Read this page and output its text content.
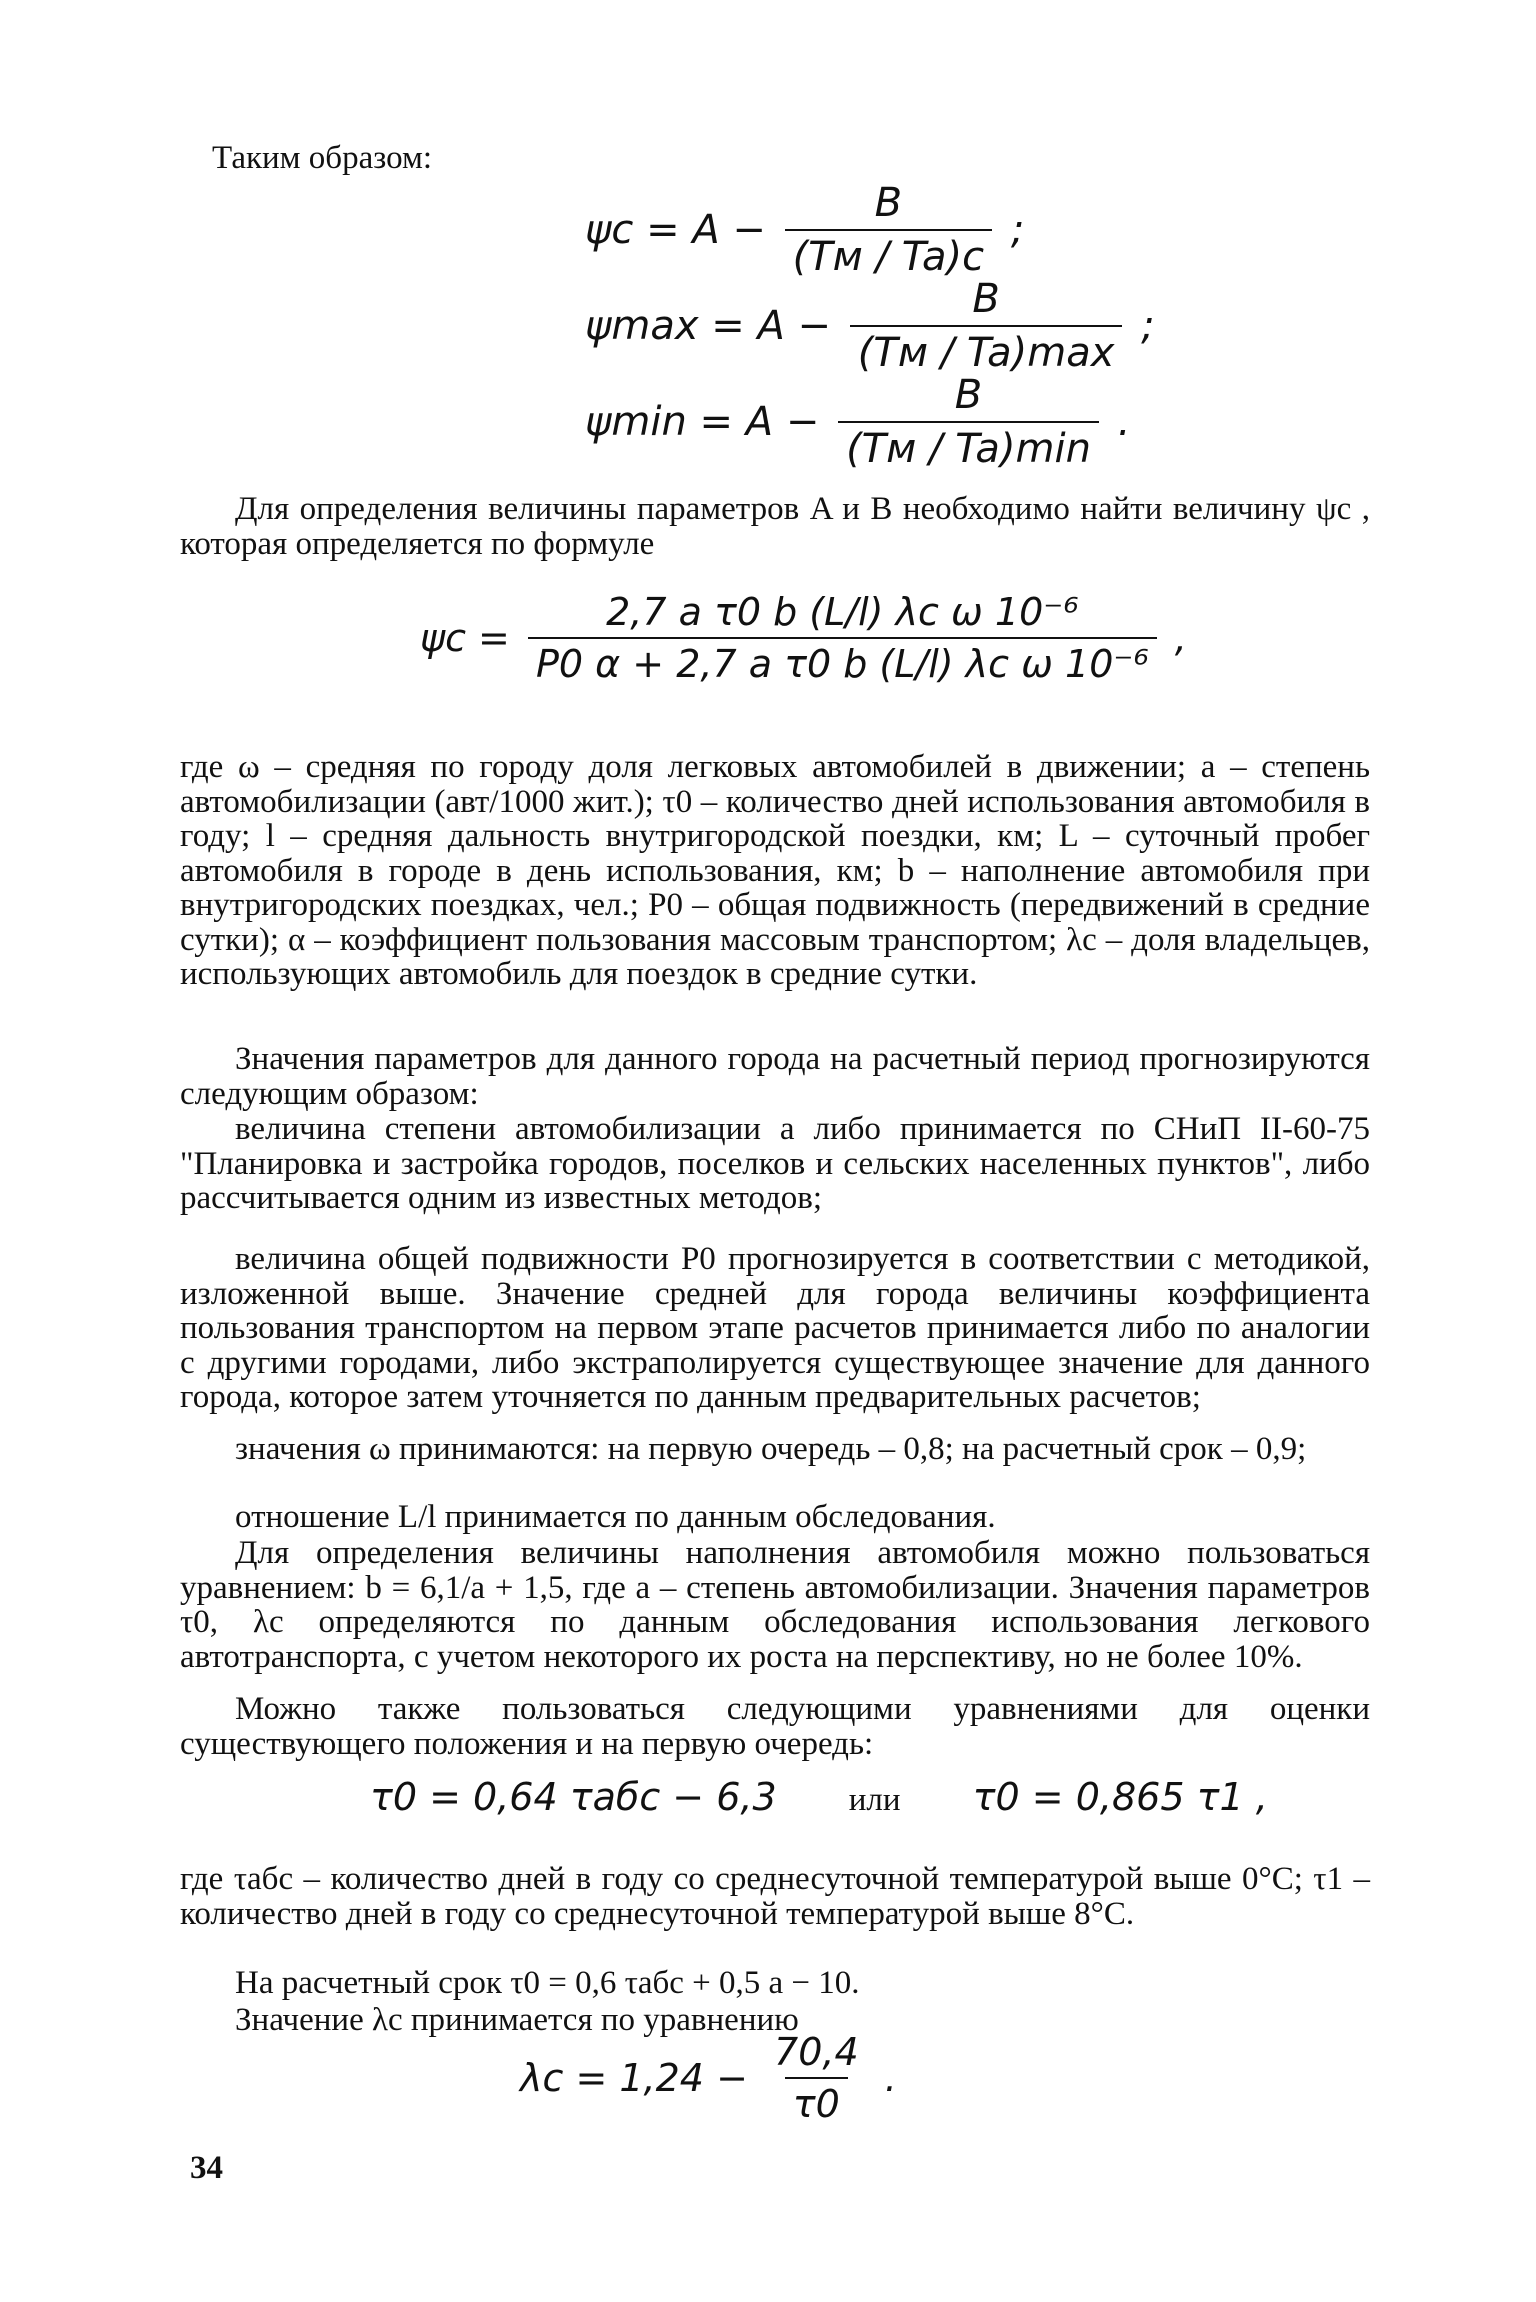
Таким образом:
$\psi c = A - \frac{B}{(Tм / Ta)c}$ ;
$\psi\max = A - \frac{B}{(Tм / Ta)\max}$ ;
$\psi\min = A - \frac{B}{(Tм / Ta)\min}$ .
Для определения величины параметров A и B необходимо найти величину ψc , которая определяется по формуле
$\psi c = \frac{\text{2,7 a τ0 b (L/l) λc ω 10⁻⁶}}{\text{P0 α + 2,7 a τ0 b (L/l) λc ω 10⁻⁶}}$ ,
где ω – средняя по городу доля легковых автомобилей в движении; a – степень автомобилизации (авт/1000 жит.); τ0 – количество дней использования автомобиля в году; l – средняя дальность внутригородской поездки, км; L – суточный пробег автомобиля в городе в день использования, км; b – наполнение автомобиля при внутригородских поездках, чел.; P0 – общая подвижность (передвижений в средние сутки); α – коэффициент пользования массовым транспортом; λc – доля владельцев, использующих автомобиль для поездок в средние сутки.
Значения параметров для данного города на расчетный период прогнозируются следующим образом:
величина степени автомобилизации a либо принимается по СНиП II-60-75 "Планировка и застройка городов, поселков и сельских населенных пунктов", либо рассчитывается одним из известных методов;
величина общей подвижности P0 прогнозируется в соответствии с методикой, изложенной выше. Значение средней для города величины коэффициента пользования транспортом на первом этапе расчетов принимается либо по аналогии с другими городами, либо экстраполируется существующее значение для данного города, которое затем уточняется по данным предварительных расчетов;
значения ω принимаются: на первую очередь – 0,8; на расчетный срок – 0,9;
отношение L/l принимается по данным обследования.
Для определения величины наполнения автомобиля можно пользоваться уравнением: b = 6,1/a + 1,5, где a – степень автомобилизации. Значения параметров τ0, λc определяются по данным обследования использования легкового автотранспорта, с учетом некоторого их роста на перспективу, но не более 10%.
Можно также пользоваться следующими уравнениями для оценки существующего положения и на первую очередь:
τ0 = 0,64 τабс − 6,3 или τ0 = 0,865 τ1 ,
где τабс – количество дней в году со среднесуточной температурой выше 0°С; τ1 – количество дней в году со среднесуточной температурой выше 8°С.
На расчетный срок τ0 = 0,6 τабс + 0,5 a − 10.
Значение λc принимается по уравнению
$\lambda c = 1,24 - \frac{70,4}{\tau 0}$ .
34
